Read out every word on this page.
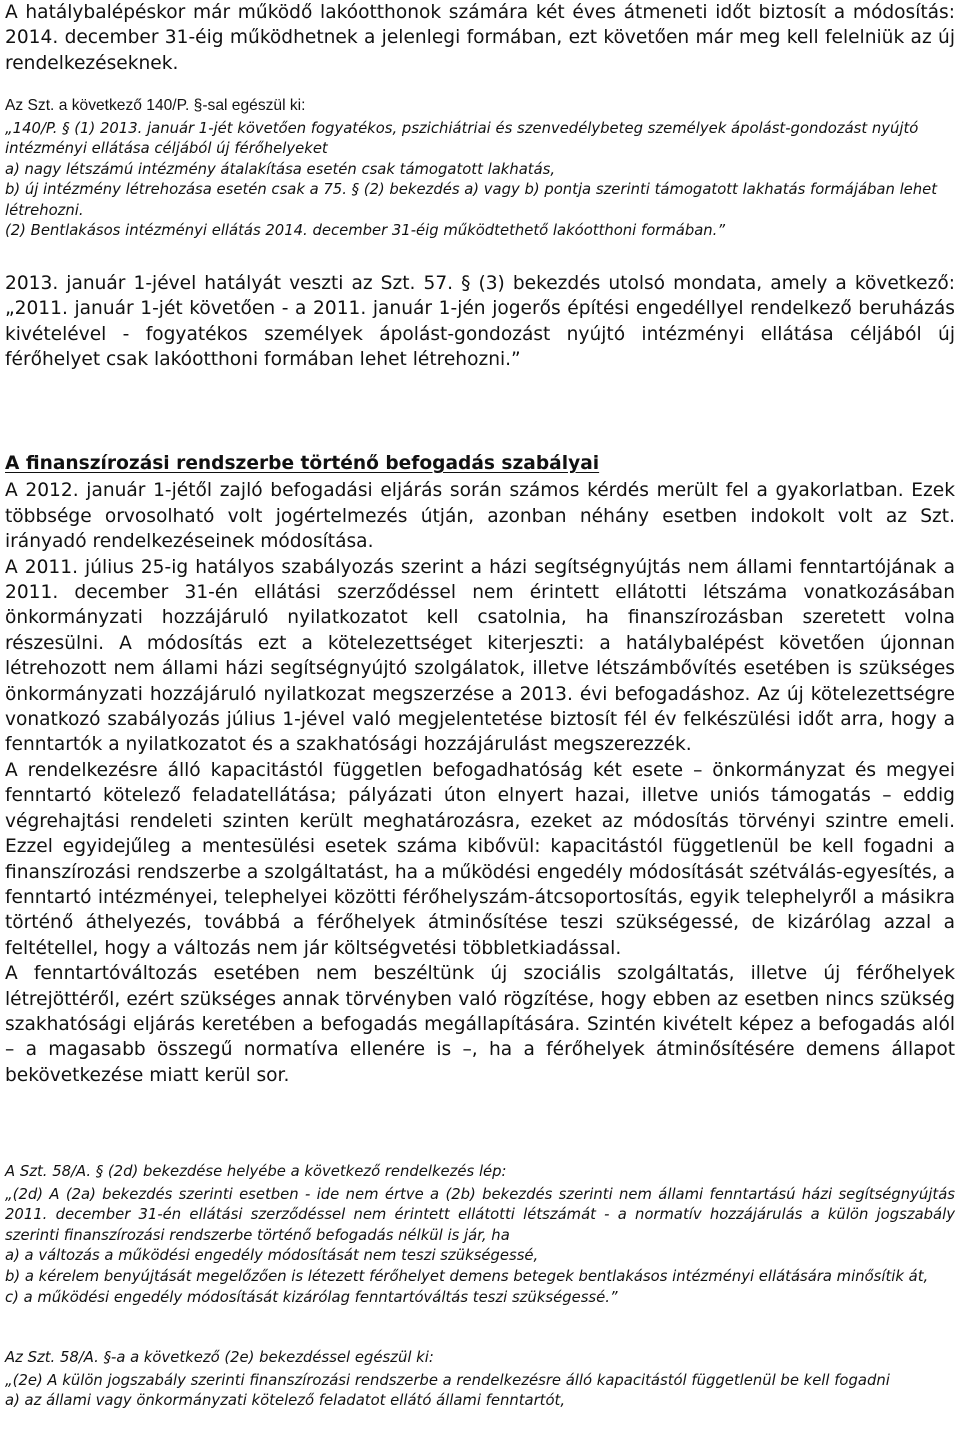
A hatálybalépéskor már működő lakóotthonok számára két éves átmeneti időt biztosít a módosítás: 2014. december 31-éig működhetnek a jelenlegi formában, ezt követően már meg kell felelniük az új rendelkezéseknek.

Az Szt. a következő 140/P. §-sal egészül ki:

„140/P. § (1) 2013. január 1-jét követően fogyatékos, pszichiátriai és szenvedélybeteg személyek ápolást-gondozást nyújtó intézményi ellátása céljából új férőhelyeket

a) nagy létszámú intézmény átalakítása esetén csak támogatott lakhatás,

b) új intézmény létrehozása esetén csak a 75. § (2) bekezdés a) vagy b) pontja szerinti támogatott lakhatás formájában lehet létrehozni.

(2) Bentlakásos intézményi ellátás 2014. december 31-éig működtethető lakóotthoni formában.”

2013. január 1-jével hatályát veszti az Szt. 57. § (3) bekezdés utolsó mondata, amely a következő: „2011. január 1-jét követően - a 2011. január 1-jén jogerős építési engedéllyel rendelkező beruházás kivételével - fogyatékos személyek ápolást-gondozást nyújtó intézményi ellátása céljából új férőhelyet csak lakóotthoni formában lehet létrehozni.”

A finanszírozási rendszerbe történő befogadás szabályai

A 2012. január 1-jétől zajló befogadási eljárás során számos kérdés merült fel a gyakorlatban. Ezek többsége orvosolható volt jogértelmezés útján, azonban néhány esetben indokolt volt az Szt. irányadó rendelkezéseinek módosítása.

A 2011. július 25-ig hatályos szabályozás szerint a házi segítségnyújtás nem állami fenntartójának a 2011. december 31-én ellátási szerződéssel nem érintett ellátotti létszáma vonatkozásában önkormányzati hozzájáruló nyilatkozatot kell csatolnia, ha finanszírozásban szeretett volna részesülni. A módosítás ezt a kötelezettséget kiterjeszti: a hatálybalépést követően újonnan létrehozott nem állami házi segítségnyújtó szolgálatok, illetve létszámbővítés esetében is szükséges önkormányzati hozzájáruló nyilatkozat megszerzése a 2013. évi befogadáshoz. Az új kötelezettségre vonatkozó szabályozás július 1-jével való megjelentetése biztosít fél év felkészülési időt arra, hogy a fenntartók a nyilatkozatot és a szakhatósági hozzájárulást megszerezzék.

A rendelkezésre álló kapacitástól független befogadhatóság két esete – önkormányzat és megyei fenntartó kötelező feladatellátása; pályázati úton elnyert hazai, illetve uniós támogatás – eddig végrehajtási rendeleti szinten került meghatározásra, ezeket az módosítás törvényi szintre emeli. Ezzel egyidejűleg a mentesülési esetek száma kibővül: kapacitástól függetlenül be kell fogadni a finanszírozási rendszerbe a szolgáltatást, ha a működési engedély módosítását szétválás-egyesítés, a fenntartó intézményei, telephelyei közötti férőhelyszám-átcsoportosítás, egyik telephelyről a másikra történő áthelyezés, továbbá a férőhelyek átminősítése teszi szükségessé, de kizárólag azzal a feltétellel, hogy a változás nem jár költségvetési többletkiadással.

A fenntartóváltozás esetében nem beszéltünk új szociális szolgáltatás, illetve új férőhelyek létrejöttéről, ezért szükséges annak törvényben való rögzítése, hogy ebben az esetben nincs szükség szakhatósági eljárás keretében a befogadás megállapítására. Szintén kivételt képez a befogadás alól – a magasabb összegű normatíva ellenére is –, ha a férőhelyek átminősítésére demens állapot bekövetkezése miatt kerül sor.

A Szt. 58/A. § (2d) bekezdése helyébe a következő rendelkezés lép:

„(2d) A (2a) bekezdés szerinti esetben - ide nem értve a (2b) bekezdés szerinti nem állami fenntartású házi segítségnyújtás 2011. december 31-én ellátási szerződéssel nem érintett ellátotti létszámát - a normatív hozzájárulás a külön jogszabály szerinti finanszírozási rendszerbe történő befogadás nélkül is jár, ha

a) a változás a működési engedély módosítását nem teszi szükségessé,

b) a kérelem benyújtását megelőzően is létezett férőhelyet demens betegek bentlakásos intézményi ellátására minősítik át,

c) a működési engedély módosítását kizárólag fenntartóváltás teszi szükségessé.”

Az Szt. 58/A. §-a a következő (2e) bekezdéssel egészül ki:

„(2e) A külön jogszabály szerinti finanszírozási rendszerbe a rendelkezésre álló kapacitástól függetlenül be kell fogadni

a) az állami vagy önkormányzati kötelező feladatot ellátó állami fenntartót,
